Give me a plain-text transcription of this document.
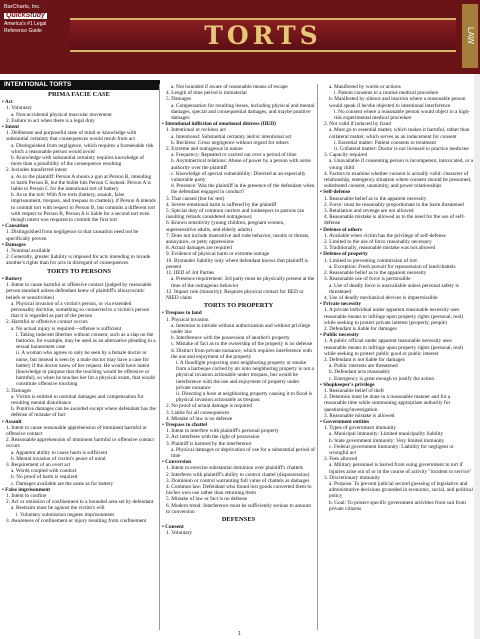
BarCharts, Inc.
QuickStudy
America's #1 Legal Reference Guide	TORTS	LAW
INTENTIONAL TORTS
PRIMA FACIE CASE

• Act

1. Voluntary

a. Non-accidental physical muscular movement

2. Failure to act when there is a legal duty

• Intent

1. Deliberate and purposeful state of mind or knowledge with substantial certainty that consequences would result from act

a. Distinguished from negligence, which requires a foreseeable risk which a reasonable person would avoid

b. Knowledge with substantial certainty requires knowledge of more than a possibility of the consequence resulting

2. Includes transferred intent

a. As to the plaintiff: Person A shoots a gun at Person B, intending to harm Person B, but the bullet hits Person C instead. Person A is liable to Person C for the intentional tort of battery

b. As to the tort: With five torts (battery, assault, false imprisonment, trespass, and trespass to chattels), if Person A intends to commit tort with respect to Person B, but commits a different tort with respect to Person B, Person A is liable for a second tort even though intent was required to commit the first tort

• Causation

1. Distinguished from negligence in that causation need not be specifically proven

• Damages

1. Nominal available

2. Generally, greater liability is imposed for acts intending to invade another's rights than for acts in disregard of consequences

TORTS TO PERSONS

• Battery

1. Intent to cause harmful or offensive contact (judged by reasonable person standard unless defendant knew of plaintiff's idiosyncratic beliefs or sensitivities)

a. Physical invasion of a victim's person, or via extended personality doctrine, something so connected to a victim's person that it is regarded as part of the person

2. Harmful or offensive contact occurs

a. No actual injury is required—offense is sufficient

i. Taking indecent liberties without consent, such as a slap on the buttocks, for example, may be used as an alternative pleading in a sexual harassment case

ii. A woman who agrees to only be seen by a female doctor or nurse, but instead is seen by a male doctor may have a case for battery if the doctor knew of her request. He would have intent (knowledge or purpose that the touching would be offensive or harmful), so when he touches her for a physical exam, that would constitute offensive touching

3. Damages

a. Victim is entitled to nominal damages and compensation for resulting mental disturbance

b. Punitive damages can be awarded except where defendant has the defense of mistake of fact

• Assault

1. Intent to cause reasonable apprehension of imminent harmful or offensive contact

2. Reasonable apprehension of imminent harmful or offensive contact occurs

a. Apparent ability to cause harm is sufficient

b. Mental invasion of victim's peace of mind

3. Requirement of an overt act

a. Words coupled with conduct

b. No proof of harm is required

c. Damages available are the same as for battery

• False imprisonment

1. Intent to confine

2. Act or omission of confinement to a bounded area set by defendant

a. Restraint must be against the victim's will

i. Voluntary submission negates imprisonment

3. Awareness of confinement or injury resulting from confinement

a. Not bounded if aware of reasonable means of escape

4. Length of time period is immaterial

5. Damages

a. Compensation for resulting losses, including physical and mental damages, special and consequential damages, and maybe punitive damages

• Intentional infliction of emotional distress (IIED)

1. Intentional or reckless act

a. Intentional: Substantial certainty and/or intentional act

b. Reckless: Gross negligence without regard for others

2. Extreme and outrageous in nature

a. Frequency: Repeated or carried out over a period of time

b. Asymmetrical relations: Abuse of power by a person with some authority over the plaintiff

c. Knowledge of special vulnerability: Directed at an especially vulnerable party

d. Presence: Was the plaintiff in the presence of the defendant when the defendant engaged in conduct?

3. That caused (but for test)

4. Severe emotional harm is suffered by the plaintiff

5. Special duty of common carriers and innkeepers to patrons (an insulting remark considered outrageous)

6. Known sensitivity (young children, pregnant women, supersensitive adults, and elderly adults)

7. Does not include insensitive and rude behavior, insults or threats, annoyance, or petty oppressions

8. Actual damages are required

9. Evidence of physical harm or extreme outrage

10. Bystander liability only where defendant knows that plaintiff is present

11. IIED of 3rd Parties

a. Presence requirement: 3rd party must be physically present at the time of the outrageous behavior

12. Impact rule (minority): Requires physical contact for IIED or NIED claim

TORTS TO PROPERTY

• Trespass to land

1. Physical invasion

a. Intention to intrude without authorization and without privilege under law

b. Interference with the possession of another's property

c. Mistake of fact as to the ownership of the property is no defense

d. Distinct from private nuisance, which requires interference with the use and enjoyment of the property

i. A floodlight projecting onto neighboring property or smoke from a barbeque carried by air onto neighboring property is not a physical invasion actionable under trespass, but would be interference with the use and enjoyment of property under private nuisance

ii. Directing a hose at neighboring property causing it to flood is physical invasion actionable as trespass

2. No proof of actual damage is required

3. Liable for all consequences

4. Mistake of law is no defense

• Trespass to chattel

1. Intent to interfere with plaintiff's personal property

2. Act interferes with the right of possession

3. Plaintiff is harmed by the interference

a. Physical damages or deprivation of use for a substantial period of time

• Conversion

1. Intent to exercise substantial dominion over plaintiff's chattels

2. Interferes with plaintiff's ability to control chattel (dispossession)

3. Dominion or control warranting full value of chattels as damages

4. Common law: Defendant who found lost goods converted them to his/her own use rather than returning them

5. Mistake of law or fact is no defense

6. Modern trend: Interference must be sufficiently serious to amount to conversion

DEFENSES

• Consent

1. Voluntary

a. Manifested by words or actions

i. Patient consents to a routine medical procedure

b. Manifested by silence and inaction where a reasonable person would speak if he/she objected to intentional interference

i. No consent where a reasonable person would object to a high-risk experimental medical procedure

2. Not valid if induced by fraud

a. Must go to essential matter, which makes it harmful, rather than collateral matter, which serves as an inducement for consent

i. Essential matter: Patient consents to treatment

ii. Collateral matter: Doctor is not licensed to practice medicine

3. Capacity required

a. Unavailable if consenting person is incompetent, intoxicated, or a young child

4. Factors to examine whether consent is actually valid: character of relationship, emergency situation where consent should be presumed, substituted consent, unanimity, and power relationships

• Self-defense

1. Reasonable belief as to the apparent necessity

2. Force: must be reasonably proportionate to the harm threatened

3. Retaliation and revenge are not allowed

4. Reasonable mistake is allowed as to the need for the use of self-defense

• Defense of others

1. Available when victim has the privilege of self-defense

2. Limited to the use of force reasonably necessary

3. Traditionally, reasonable mistake was not allowed

• Defense of property

1. Limited to preventing commission of tort

a. Exception: Fresh pursuit for repossession of land/chattels

2. Reasonable belief as to the apparent necessity

3. Reasonable use of force is permissible

a. Use of deadly force is unavailable unless personal safety is threatened

4. Use of deadly mechanical devices is impermissible

• Private necessity

1. A private individual under apparent reasonable necessity uses reasonable means to infringe upon property rights (personal, real) while seeking to protect private interest (property, people)

2. Defendant is liable for damages

• Public necessity

1. A public official under apparent reasonable necessity uses reasonable means to infringe upon property rights (personal, real) while seeking to protect public good or public interest

2. Defendant is not liable for damages

a. Public interests are threatened

b. Defendant acts reasonably

c. Emergency is great enough to justify the action

• Shopkeeper's privilege

1. Reasonable belief of theft

2. Detention must be done in a reasonable manner and for a reasonable time while summoning appropriate authority for questioning/investigation

3. Reasonable mistake is allowed

• Government entities

1. Types of government immunity

a. Municipal immunity: Limited municipality liability

b. State government immunity: Very limited immunity

c. Federal government immunity: Liability for negligent or wrongful act

2. Fees allowed

a. Military personnel is barred from suing government in tort if injuries arise out of or in the course of activity "incident to service"

3. Discretionary immunity

a. Purpose: To prevent judicial second guessing of legislative and administrative decisions grounded in economic, social, and political policy

b. Goal: To protect specific government activities from suit from private citizens

1
